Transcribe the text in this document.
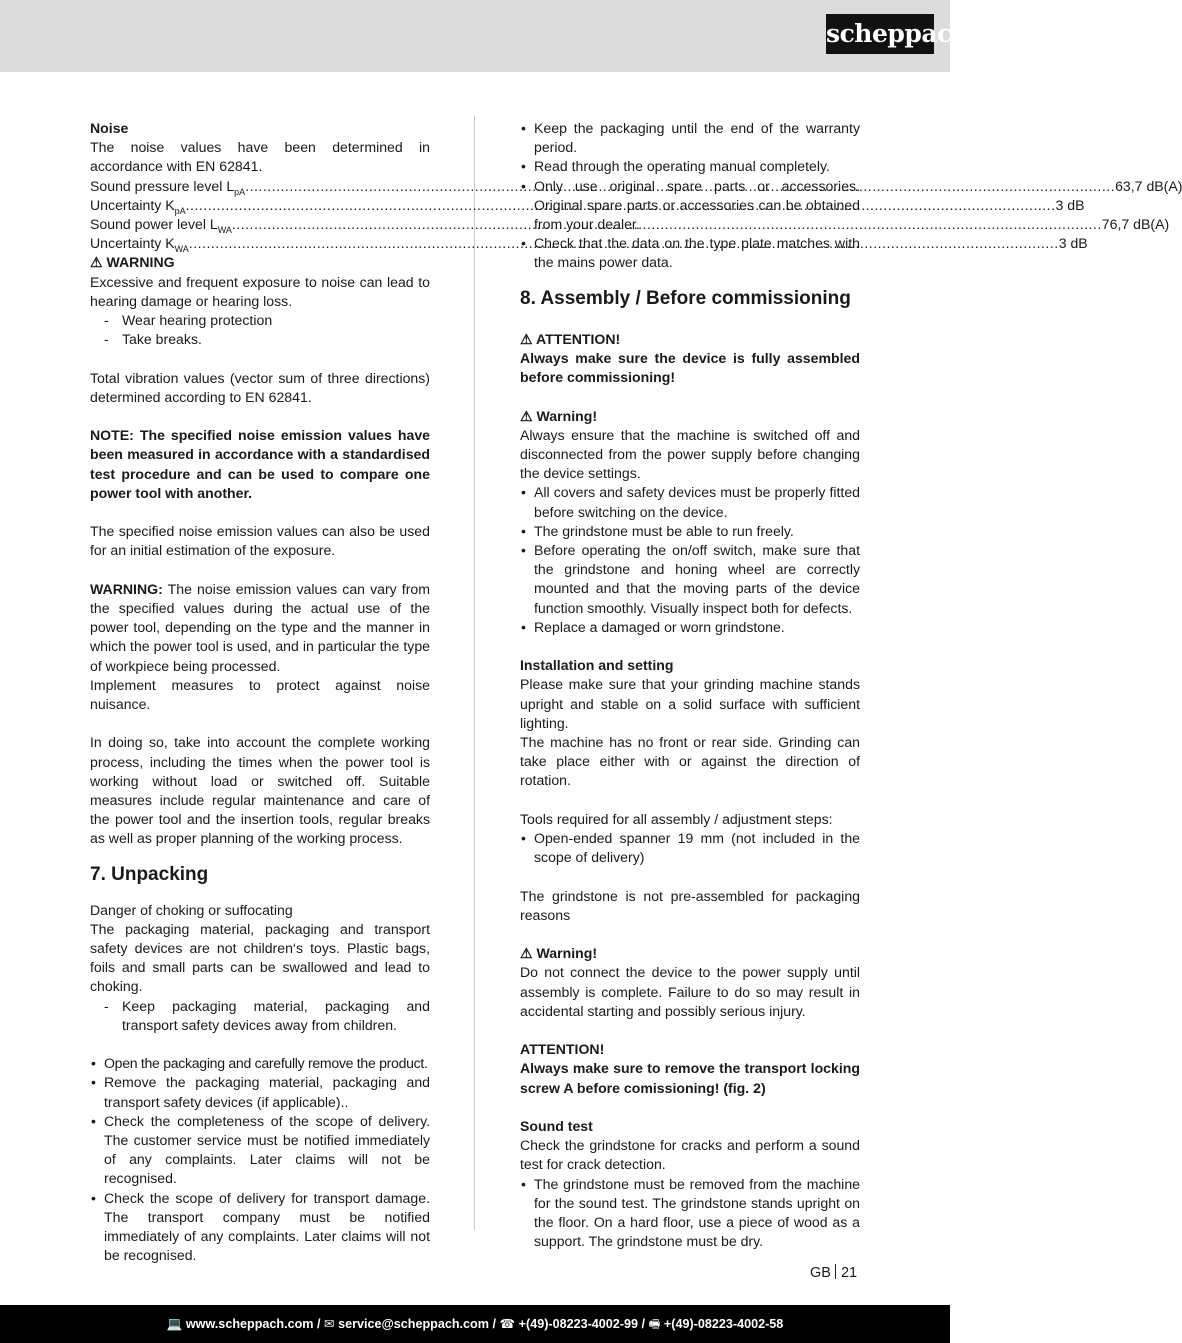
scheppach

Noise

The noise values have been determined in accordance with EN 62841.

Sound pressure level $L_{pA}$ .....	63,7 dB(A)
Uncertainty $K_{pA}$ .....	3 dB
Sound power level $L_{WA}$ .....	76,7 dB(A)
Uncertainty $K_{WA}$ .....	3 dB

⚠ WARNING

Excessive and frequent exposure to noise can lead to hearing damage or hearing loss.

- Wear hearing protection
- Take breaks.

Total vibration values (vector sum of three directions) determined according to EN 62841.

NOTE: The specified noise emission values have been measured in accordance with a standardised test procedure and can be used to compare one power tool with another.

The specified noise emission values can also be used for an initial estimation of the exposure.

WARNING: The noise emission values can vary from the specified values during the actual use of the power tool, depending on the type and the manner in which the power tool is used, and in particular the type of workpiece being processed.

Implement measures to protect against noise nuisance.

In doing so, take into account the complete working process, including the times when the power tool is working without load or switched off. Suitable measures include regular maintenance and care of the power tool and the insertion tools, regular breaks as well as proper planning of the working process.

7. Unpacking

Danger of choking or suffocating

The packaging material, packaging and transport safety devices are not children‘s toys. Plastic bags, foils and small parts can be swallowed and lead to choking.

- Keep packaging material, packaging and transport safety devices away from children.
• Open the packaging and carefully remove the product.
• Remove the packaging material, packaging and transport safety devices (if applicable)..
• Check the completeness of the scope of delivery. The customer service must be notified immediately of any complaints. Later claims will not be recognised.
• Check the scope of delivery for transport damage. The transport company must be notified immediately of any complaints. Later claims will not be recognised.
• Keep the packaging until the end of the warranty period.
• Read through the operating manual completely.
• Only use original spare parts or accessories. Original spare parts or accessories can be obtained from your dealer.
• Check that the data on the type plate matches with the mains power data.

8. Assembly / Before commissioning

⚠ ATTENTION!

Always make sure the device is fully assembled before commissioning!

⚠ Warning!

Always ensure that the machine is switched off and disconnected from the power supply before changing the device settings.

• All covers and safety devices must be properly fitted before switching on the device.
• The grindstone must be able to run freely.
• Before operating the on/off switch, make sure that the grindstone and honing wheel are correctly mounted and that the moving parts of the device function smoothly. Visually inspect both for defects.
• Replace a damaged or worn grindstone.

Installation and setting

Please make sure that your grinding machine stands upright and stable on a solid surface with sufficient lighting.

The machine has no front or rear side. Grinding can take place either with or against the direction of rotation.

Tools required for all assembly / adjustment steps:

• Open-ended spanner 19 mm (not included in the scope of delivery)

The grindstone is not pre-assembled for packaging reasons

⚠ Warning!

Do not connect the device to the power supply until assembly is complete. Failure to do so may result in accidental starting and possibly serious injury.

ATTENTION!

Always make sure to remove the transport locking screw A before comissioning! (fig. 2)

Sound test

Check the grindstone for cracks and perform a sound test for crack detection.

• The grindstone must be removed from the machine for the sound test. The grindstone stands upright on the floor. On a hard floor, use a piece of wood as a support. The grindstone must be dry.
GB 21
💻 www.scheppach.com / ✉ service@scheppach.com / ☎ +(49)-08223-4002-99 / 🖷 +(49)-08223-4002-58
